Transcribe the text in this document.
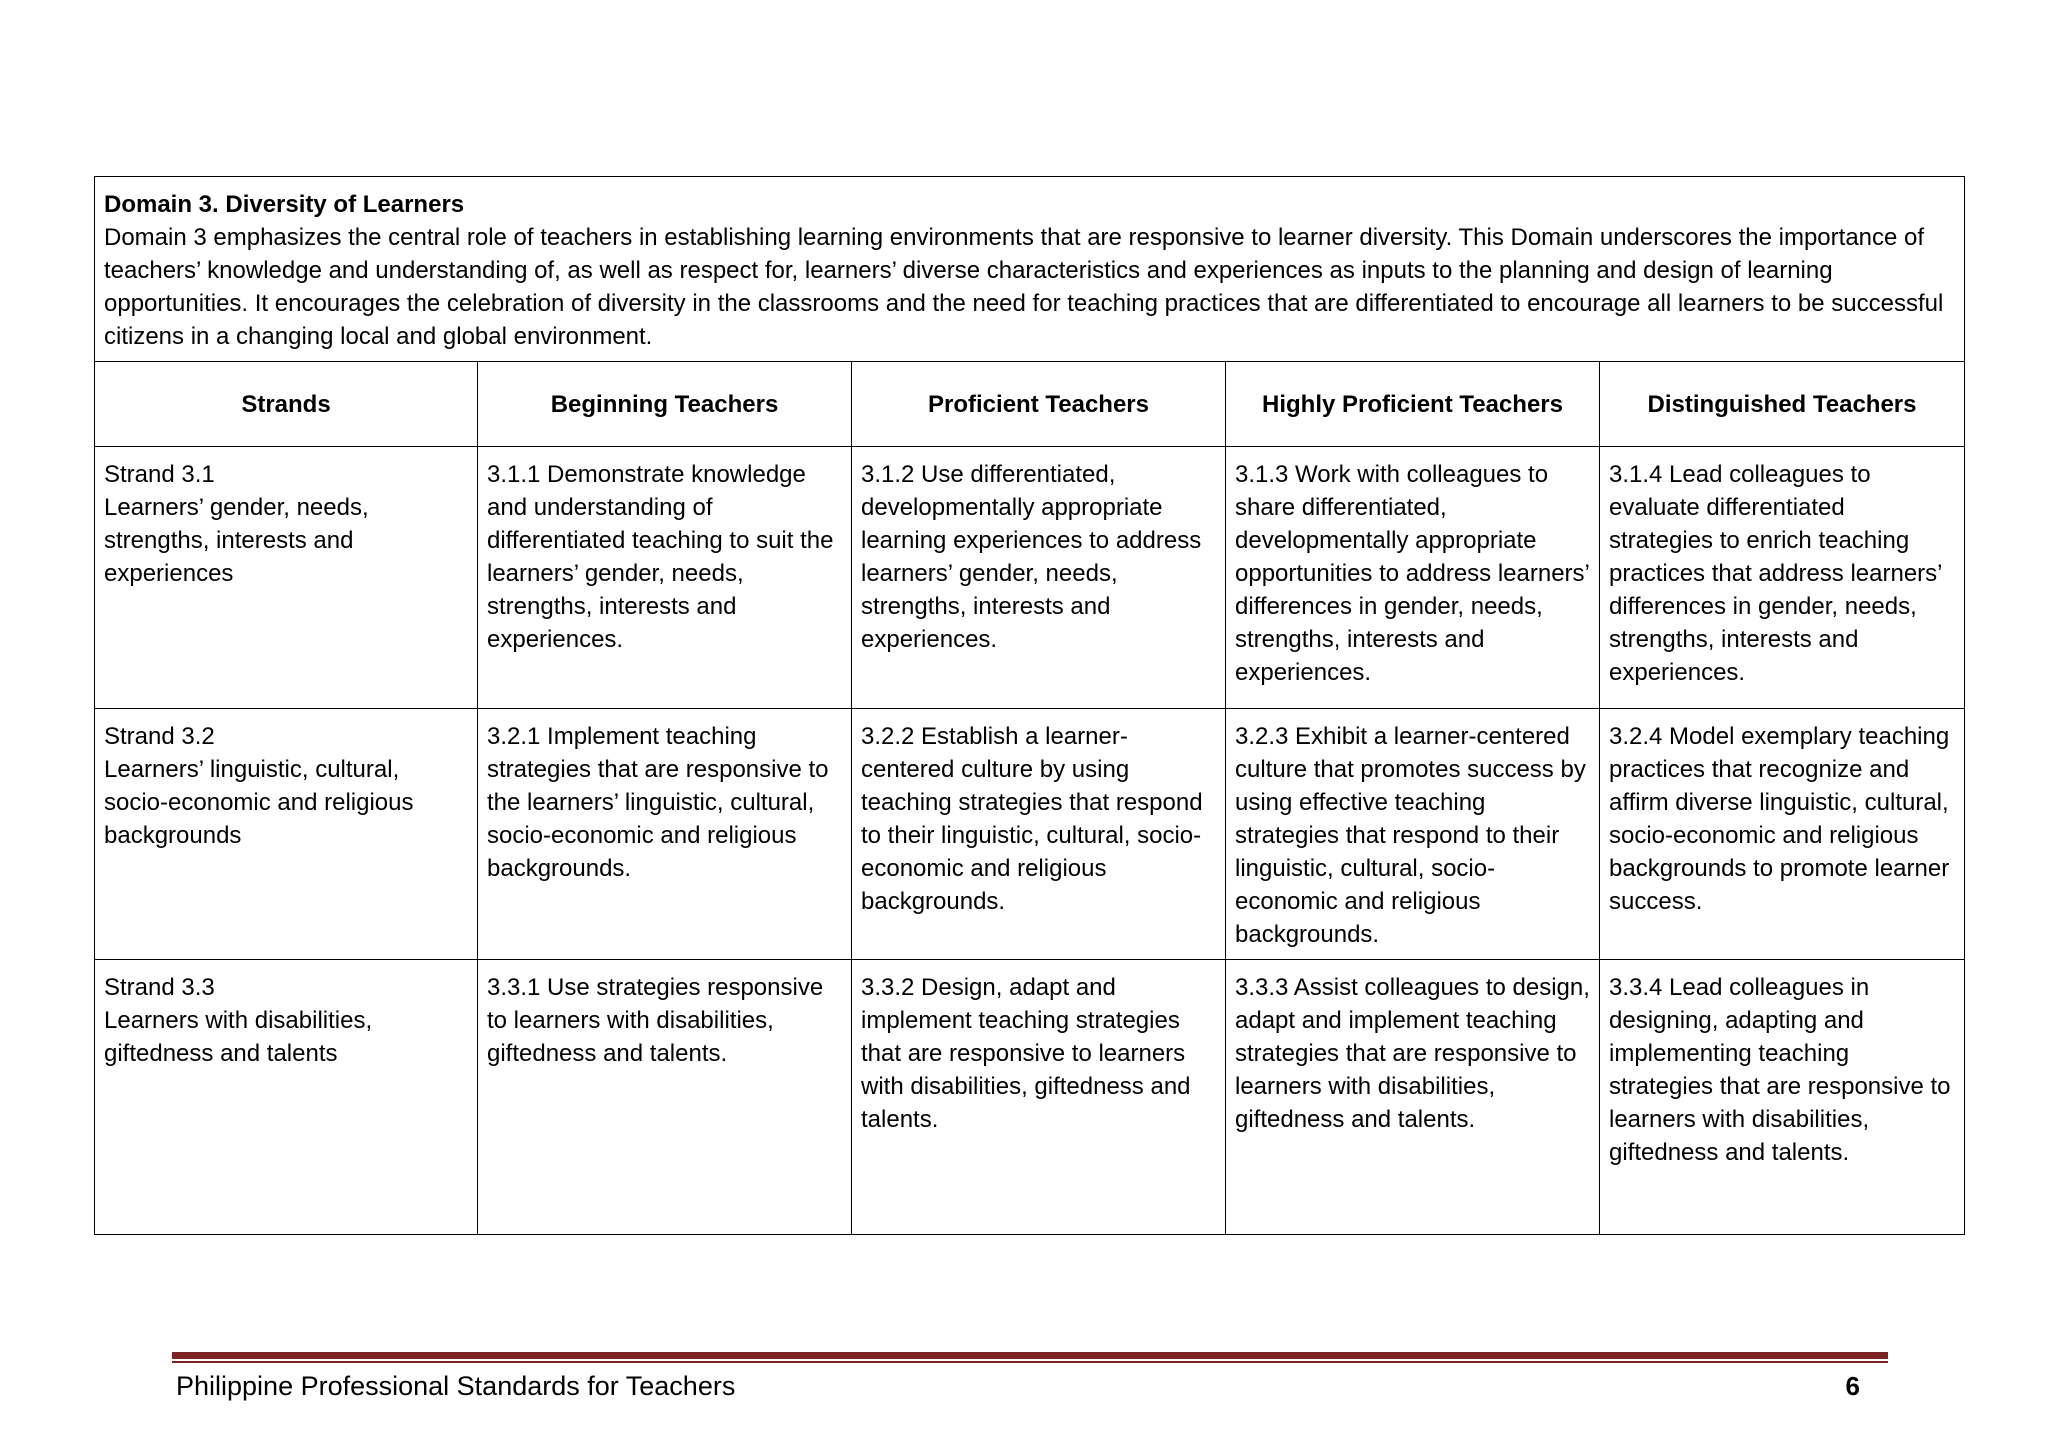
Domain 3. Diversity of Learners
Domain 3 emphasizes the central role of teachers in establishing learning environments that are responsive to learner diversity. This Domain underscores the importance of teachers’ knowledge and understanding of, as well as respect for, learners’ diverse characteristics and experiences as inputs to the planning and design of learning opportunities. It encourages the celebration of diversity in the classrooms and the need for teaching practices that are differentiated to encourage all learners to be successful citizens in a changing local and global environment.				

Strands	Beginning Teachers	Proficient Teachers	Highly Proficient Teachers	Distinguished Teachers

Strand 3.1
Learners’ gender, needs, strengths, interests and experiences	3.1.1 Demonstrate knowledge and understanding of differentiated teaching to suit the learners’ gender, needs, strengths, interests and experiences.	3.1.2 Use differentiated, developmentally appropriate learning experiences to address learners’ gender, needs, strengths, interests and experiences.	3.1.3 Work with colleagues to share differentiated, developmentally appropriate opportunities to address learners’ differences in gender, needs, strengths, interests and experiences.	3.1.4 Lead colleagues to evaluate differentiated strategies to enrich teaching practices that address learners’ differences in gender, needs, strengths, interests and experiences.

Strand 3.2
Learners’ linguistic, cultural, socio-economic and religious backgrounds	3.2.1 Implement teaching strategies that are responsive to the learners’ linguistic, cultural, socio-economic and religious backgrounds.	3.2.2 Establish a learner-centered culture by using teaching strategies that respond to their linguistic, cultural, socio-economic and religious backgrounds.	3.2.3 Exhibit a learner-centered culture that promotes success by using effective teaching strategies that respond to their linguistic, cultural, socio-economic and religious backgrounds.	3.2.4 Model exemplary teaching practices that recognize and affirm diverse linguistic, cultural, socio-economic and religious backgrounds to promote learner success.

Strand 3.3
Learners with disabilities, giftedness and talents	3.3.1 Use strategies responsive to learners with disabilities, giftedness and talents.	3.3.2 Design, adapt and implement teaching strategies that are responsive to learners with disabilities, giftedness and talents.	3.3.3 Assist colleagues to design, adapt and implement teaching strategies that are responsive to learners with disabilities, giftedness and talents.	3.3.4 Lead colleagues in designing, adapting and implementing teaching strategies that are responsive to learners with disabilities, giftedness and talents.
Philippine Professional Standards for Teachers	6
